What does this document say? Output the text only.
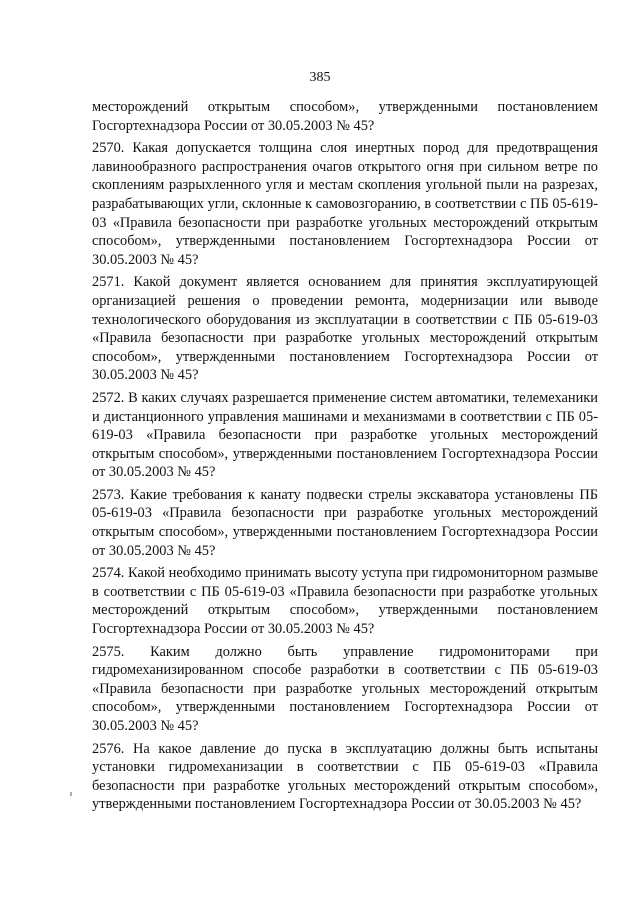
385

месторождений открытым способом», утвержденными постановлением Госгортехнадзора России от 30.05.2003 № 45?

2570. Какая допускается толщина слоя инертных пород для предотвращения лавинообразного распространения очагов открытого огня при сильном ветре по скоплениям разрыхленного угля и местам скопления угольной пыли на разрезах, разрабатывающих угли, склонные к самовозгоранию, в соответствии с ПБ 05-619-03 «Правила безопасности при разработке угольных месторождений открытым способом», утвержденными постановлением Госгортехнадзора России от 30.05.2003 № 45?

2571. Какой документ является основанием для принятия эксплуатирующей организацией решения о проведении ремонта, модернизации или выводе технологического оборудования из эксплуатации в соответствии с ПБ 05-619-03 «Правила безопасности при разработке угольных месторождений открытым способом», утвержденными постановлением Госгортехнадзора России от 30.05.2003 № 45?

2572. В каких случаях разрешается применение систем автоматики, телемеханики и дистанционного управления машинами и механизмами в соответствии с ПБ 05-619-03 «Правила безопасности при разработке угольных месторождений открытым способом», утвержденными постановлением Госгортехнадзора России от 30.05.2003 № 45?

2573. Какие требования к канату подвески стрелы экскаватора установлены ПБ 05-619-03 «Правила безопасности при разработке угольных месторождений открытым способом», утвержденными постановлением Госгортехнадзора России от 30.05.2003 № 45?

2574. Какой необходимо принимать высоту уступа при гидромониторном размыве в соответствии с ПБ 05-619-03 «Правила безопасности при разработке угольных месторождений открытым способом», утвержденными постановлением Госгортехнадзора России от 30.05.2003 № 45?

2575. Каким должно быть управление гидромониторами при гидромеханизированном способе разработки в соответствии с ПБ 05-619-03 «Правила безопасности при разработке угольных месторождений открытым способом», утвержденными постановлением Госгортехнадзора России от 30.05.2003 № 45?

2576. На какое давление до пуска в эксплуатацию должны быть испытаны установки гидромеханизации в соответствии с ПБ 05-619-03 «Правила безопасности при разработке угольных месторождений открытым способом», утвержденными постановлением Госгортехнадзора России от 30.05.2003 № 45?
